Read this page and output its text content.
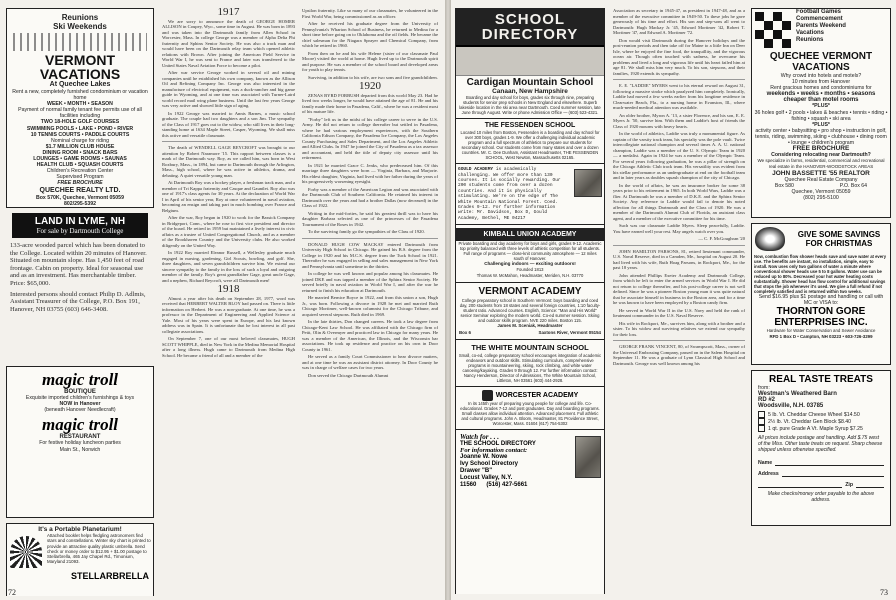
Reunions
Ski Weekends
VERMONT
VACATIONS
At Quechee Lakes
Rent a new, completely furnished condominium or vacation home
WEEK • MONTH • SEASON
Payment of normal family tenant fee permits use of all facilities including
TWO 18-HOLE GOLF COURSES
SWIMMING POOLS • LAKE • POND • RIVER
10 TENNIS COURTS • PADDLE COURTS
Nominal charge for riding
$1.7 MILLION CLUB HOUSE
DINING ROOM • SNACK BARS
LOUNGES • GAME ROOMS • SAUNAS
HEALTH CLUB • SQUASH COURTS
Children's Recreation Center
Supervised Program
FREE BROCHURE
QUECHEE REALTY LTD.
Box 570K, Quechee, Vermont 05059
802/295-5392
LAND IN LYME, NH
For sale by Dartmouth College
133-acre wooded parcel which has been donated to the College. Located within 20 minutes of Hanover. Situated on mountain slope. Has 1,450 feet of road frontage. Cabin on property. Ideal for seasonal use and as an investment. Has merchantable timber. Price: $65,000.
Interested persons should contact Philip D. Adlmis, Assistant Treasurer of the College, P.O. Box 191, Hanover, NH 03755 (603) 646-3408.
magic troll
BOUTIQUE
Exquisite imported children's furnishings & toys
NOW in Hanover
(beneath Hanover Needlecraft)
magic troll
RESTAURANT
For festive holiday luncheon parties
Main St., Norwich
It's a Portable Planetarium!
Attached booklet helps fledgling astronomers find stars and constellations. Winter sky chart is printed to provide an attractive quality plastic umbrella. Send check or money order to $12.95 + $1.00 postage to Stellarbrella, 465 Jay Chapel Rd., Timonium, Maryland 21093.
STELLARBRELLA
1917

We are sorry to announce the death of GEORGE HOMER ALLISON in Coupey, Wyo., some time in August. He was born in 1893 and was taken into the Dartmouth family from Allen School in Worcester, Mass. In college George was a member of Alpha Delta Phi fraternity and Sphinx Senior Society. He was also a track man and would have been on the Dartmouth relay team which opened athletic relations with Brown. After joining the American Field Service in World War I, he was sent to France and later was transferred to the United States Naval Aviation Force to become a pilot.

After war service George worked in several oil and mining companies until he established his own company, known as the Allison Oil and Refining Company Inc. George was also interested in the manufacture of electrical equipment, was a duck-rancher and big game guide in Wyoming, and at one time was associated with Turner-Laird world record mail wing plane business. Until the last few years George was very active and showed little sign of aging.

In 1922 George was married to Annis Barnes, a music school graduate. The couple had two daughters and a son Jim. The sympathy of the Class of 1917 goes out to the widow, who still lives in their long-standing home at 1634 Maple Street, Casper, Wyoming. We shall miss this active and versatile classmate.

The death of WENDELL GAGE REYCROFT was brought to our attention by Robert Naramore '15. This rapport between classes is a mark of the Dartmouth way. Roy, as we called him, was born in West Roxbury, Mass., in 1894, but came to Dartmouth through the Arlington, Mass., high school, where he was active in athletics, drama, and debating. A quiet versatile young man.

At Dartmouth Roy was a hockey player, a freshman track man, and a member of Tri Kappa fraternity and Casque and Gauntlet. Roy also was one of 1917's class agents for 30 years. At the declaration of World War I in April of his senior year, Roy at once volunteered in naval aviation, becoming an ensign and taking part in much bombing over France and Belgium.

After the war, Roy began in 1920 to work for the Bassick Company in Bridgeport, Conn., where he rose to first vice president and director of the board. He retired in 1959 but maintained a lively interest in civic affairs as a trustee of United Congregational Church, and as a member of the Brookhaven Country and the University clubs. He also worked diligently on the United Way.

In 1922 Roy married Eleanor Russell, a Wellesley graduate much engaged in nursing, gardening, Girl Scouts, bowling, and golf. She, three daughters, and seven grandchildren survive him. We extend our sincere sympathy to the family in the loss of such a loyal and outgoing member of the family. Roy's great grandfather Gage, great uncle Gage, and a nephew, Richard Reycroft, were all Dartmouth men!

1918

Almost a year after his death on September 28, 1977, word was received that HERBERT WALTER BLOY had passed on. There is little information on Herbert. He was a non-graduate. At one time, he was a professor in the Department of Engineering and Applied Science at Yale. Most of his years were spent in Europe, and his last known address was in Spain. It is unfortunate that he lost interest in all past collegiate associations.

On September 7, one of our most beloved classmates, HUGH SCOTT WHIPPLE, died in New York in the Medina Memorial Hospital after a long illness. Hugh came to Dartmouth from Medina High School. He became a friend of all and a member of the

Upsilon fraternity. Like so many of our classmates, he volunteered in the First World War, being commissioned as an officer.

After he received his graduate degree from the University of Pennsylvania's Wharton School of Business, he returned to Medina for a short time before going on to Oklahoma and the oil fields. He became the chief salesman for the Niagara Sprayer and Chemical Company, from which he retired in 1960.

From then on he and his wife Helene (sister of our classmate Paul Moore) visited the world at home. Hugh lived up to the Dartmouth spirit and purpose. He was a member of the school board and developed areas for youth to play tennis.

Surviving, in addition to his wife, are two sons and five grandchildren.

1920

ZENAS BYRD FORBUSH departed from this world May 23. Had he lived two weeks longer, he would have attained the age of 81. He and his family made their home in Pasadena, Calif., where he was a resident most of his mature life.

"Forby" left us in the midst of his college career to serve in the U.S. Army. He did not return to college thereafter but settled in Pasadena, where he had various employment experiences, with the Southern California Edison Company, the Pasadena Ice Company, the Los Angeles County Purchasing and Sales Department, and the Los Angeles Athletic and Allied Clubs. In 1947 he joined the City of Pasadena as a tax assessor and accountant, and held the title of deputy city assessor until his retirement.

In 1921 he married Grace C. Jenks, who predeceased him. Of this marriage three daughters were born — Virginia, Barbara, and Marjorie. His eldest daughter, Virginia, had lived with her father during the years of his progressively worsening eyesight.

Forby was a member of the American Legion and was associated with the Dartmouth Club of Southern California. He retained his interest in Dartmouth over the years and had a brother Dallas (now deceased) in the Class of 1922.

Writing in the mid-forties, he said his greatest thrill was to have his daughter Barbara selected as one of the princesses of the Pasadena Tournament of the Roses in 1942.

To the surviving family go the sympathies of the Class of 1920.

DONALD HUGH COW MACKAY entered Dartmouth from University High School in Chicago. He gained his B.S. degree from the College in 1920 and his M.C.S. degree from the Tuck School in 1921. Thereafter he was engaged in selling and sales management in New York and Pennsylvania until sometime in the thirties.

In college he was well known and popular among his classmates. He joined DKE and was tapped a member of the Sphinx Senior Society. He served briefly in naval aviation in World War I, and after the war he returned to finish his education at Dartmouth.

He married Bernice Boyce in 1922, and from this union a son, Hugh Jr., was born. Following a divorce in 1928 he met and married Ruth Chicago Mortimer, well-known columnist for the Chicago Tribune, and acquired several stepsons. Ruth died in 1969.

In the late thirties, Don changed careers. He took a law degree from Chicago-Kent Law School. He was affiliated with the Chicago firm of Petit, Olin & Overmyer and practiced law in Chicago for many years. He was a member of the American, the Illinois, and the Wisconsin bar associations. He took up residence and practice on his own in Door County in 1961.

He served as a family Court Commissioner to hear divorce matters, and at one time he was an assistant district attorney. In Door County he was in charge of welfare cases for two years.

Don served the Chicago Dartmouth Alumni

72
SCHOOL DIRECTORY
Cardigan Mountain School
Canaan, New Hampshire
Boarding and day school for boys, grades six through nine, preparing students for senior prep schools in New England and elsewhere. Superb lakeside location in the ski area near Dartmouth. Coed summer session, late June through August. Write or phone Admission Office — (603) 523-4321.
THE FESSENDEN SCHOOL
Located 10 miles from Boston, Fessenden is a boarding and day school for over 300 boys, grades 1-9. We offer a challenging individual academic program and a full spectrum of athletics to prepare our students for secondary school. Our students come from many states and over a dozen countries. Mr. C. Dee Dunham, Assistant Headmaster, THE FESSENDEN SCHOOL, West Newton, Massachusetts 02165.
GOULD ACADEMY is academically challenging. We offer more than 130 courses. It is socially rewarding. Our 200 students come from over a dozen countries. And it is physically stimulating. We're on the edge of The White Mountain National Forest. Coed. Grades 9-12. For further information write: Mr. Davidson, Box D, Gould Academy, Bethel, ME 04217
KIMBALL UNION ACADEMY
Private boarding and day academy for boys and girls, grades 9-12. Academic top priority balanced with three levels of athletic competition for all students. Full range of programs — close-knit community atmosphere — 12 miles south of Hanover.
Challenging indoors — exciting outdoors!
Founded 1813
Thomas W. McMahon, Headmaster, Meriden, N.H. 03770
VERMONT ACADEMY
College preparatory school in Southern Vermont: boys boarding and coed day, 200 students from 18 states and several foreign countries, 1:10 faculty-student ratio. Advanced courses. English, Science: "Man and His World" senior Seminar exploring the modern world. Co-ed summer session. Skiing and outdoor skills program. NVE 220 miles. Boston 115.
James M. Sceniak, Headmaster
Box 6	Saxtons River, Vermont 05154
THE WHITE MOUNTAIN SCHOOL
Small, co-ed, college preparatory school encourages integration of academic endeavors and outdoor skills. Stimulating curriculum, comprehensive programs in mountaineering, skiing, rock climbing, and white water canoeing/kayaking. Grades 9 through 12. For further information contact: Nancy Henderson, Director of Admissions, The White Mountain School, Littleton, NH 03561 (603) 444-2928.
WORCESTER ACADEMY
In its 145th year of preparing young people for college and life. Co-educational. Grades 7-12 and post graduates. Day and boarding programs. Small classes allow individual attention. Advanced placement. Full athletic and cultural programs. John A. Bloom, Headmaster, 81 Providence Street, Worcester, Mass. 01604 (617) 754-5302
Watch for . . .
THE SCHOOL DIRECTORY
For information contact:
Joanne W. Nowe
Ivy School Directory
Drawer "B"
Locust Valley, N.Y.
11560 (516) 427-5661

Association as secretary in 1945-47, as president in 1947-48, and as a member of the executive committee in 1949-50. To these jobs he gave generously of his time and effort. His son and step-sons all went to Dartmouth: Hugh Mackay Jr. '45, Edward Mortimer '42, Robert T. Mortimer '47, and Edward A. Mortimer '72.

Don would visit Dartmouth during the Hanover holidays and the post-reunion periods and then take off for Maine to a little Inn on Deer Isle, where he enjoyed the fine food, the tranquillity, and the vigorous ocean air. Though often touched with sadness, he overcame his problems and lived a long and vigorous life until his heart failed him at age 81. We shall miss him very much. To his son, stepsons, and their families, 1920 extends its sympathy.

E. E. "LADDIE" MYERS went to his eternal reward on August 31, following a massive stroke which paralyzed him completely. Ironically, Laddie had moved a few weeks earlier from his longtime residence in Clearwater Beach, Fla., to a nursing home in Evanston, Ill., where much-needed medical attention was available.

An older brother, Myron A. '13, a sister Florence, and his son, E. E. Myers Jr. '50, survive him. With them and Laddie's host of friends the Class of 1920 mourns with heavy hearts.

In the world of athletics, Laddie was truly a monumental figure. As captain of the varsity track team, his specialty was the pole vault. Twice intercollegiate national champion and several times A. A. U. national champion, Laddie was a member of the U. S. Olympic Team in 1920 — a medalist. Again in 1924 he was a member of the Olympic Team. For several years following graduation, he was a pillar of strength on the Chicago Athletic Club track team. His versatility was evident from his stellar performance as an undergraduate at end on the football team and in later years as doubles squash champion of the city of Chicago.

In the world of affairs, he was an insurance broker for some 38 years prior to his retirement in 1965. In both World Wars, Laddie was a flier. At Dartmouth he was a member of D.K.E. and the Sphinx Senior Society. Any reference to Laddie would fail to denote his noted affection for all things Dartmouth and the Class of 1920. He was a member of the Dartmouth Alumni Club of Florida, an assistant class agent, and a member of the executive committee for his time.

Such was our classmate Laddie Myers. Sleep peacefully, Laddie. You have earned well your rest. May angels watch over you.

— C. F. McGoughran '20

JOHN HAMILTON PARSONS, 81, retired lieutenant commander, U.S. Naval Reserve, died in a Camden, Me., hospital on August 20. He had lived with his wife, Ruth Hoag Parsons, in Rockport, Me., for the past 18 years.

John attended Phillips Exeter Academy and Dartmouth College, from which he left to enter the armed services in World War I. He did not return to college thereafter, and his post-college career is not well defined. Since he was a pioneer Boston young man it was quite natural that he associate himself in business in the Boston area, and for a time he was known to have been employed by a Boston candy firm.

He served in World War II in the U.S. Navy and held the rank of lieutenant commander in the U.S. Naval Reserve.

His wife in Rockport, Me., survives him, along with a brother and a sister. To his widow and surviving relatives we extend our sympathy for their loss.

GEORGE FRANK VINCENT, 80, of Swampscott, Mass., owner of the Universal Embossing Company, passed on in the Salem Hospital on September 11. He was a graduate of Lynn Classical High School and Dartmouth. George was well known among his

Football Games
Commencement
Parents Weekend
Vacations
Reunions
QUECHEE VERMONT
VACATIONS
Why crowd into hotels and motels?
10 minutes from Hanover
Rent gracious homes and condominiums for
weekends • weeks • months • seasons
cheaper than motel rooms
*PLUS*
36 holes golf • 2 pools • lakes & beaches • tennis • riding • fishing • squash • ski area
*PLUS*
activity center • babysitting • pro shop • instruction in golf, tennis, riding, swimming, skiing • clubhouse • dining room • lounge • children's program
FREE BROCHURE
Considering relocating near Dartmouth?
We specialize in farms, residential, commercial and recreational real estate in the HANOVER-WOODSTOCK AREAS
JOHN BASSETTE '55 REALTOR
Quechee Real Estate Company
Box 580	P.O. Box 64
Quechee, Vermont 05059
(802) 295-5100
GIVE SOME SAVINGS
FOR CHRISTMAS
Now, combustion flow shower heads save and save water at every use. The benefits are instant, no installation, simple, easy to install. Now uses only two gallons of water a minute where conventional shower heads use 5 to 8 gallons. Water use can be reduced up to 80%. Decreased your hot water heating costs substantially. Shower head has flow control for additional savings that stops the job whenever it's used. We give a full refund if not completely satisfied and is returned within two weeks.
Send $16.95 plus $1 postage and handling or call with MC or VISA to:
THORNTON GORE
ENTERPRISES INC.
Hardware for Water Conservation and Sewer Avoidance
RFD 1 Box D • Campton, NH 03223 • 603-726-3299
REAL TASTE TREATS
from:
Westman's Weathered Barn
RD #2
Woodsville, N.H. 03785
5 lb. Vt. Cheddar Cheese Wheel $14.50
2½ lb. Vt. Cheddar Gen Block $8.40
1 qt. pure Grade A Vt. Maple Syrup $7.25
All prices include postage and handling. Add $.75 west of the Miss. Other taste treats on request. Sharp cheese shipped unless otherwise specified.
Name
Address
Zip
Make checks/money order payable to the above address.
73
